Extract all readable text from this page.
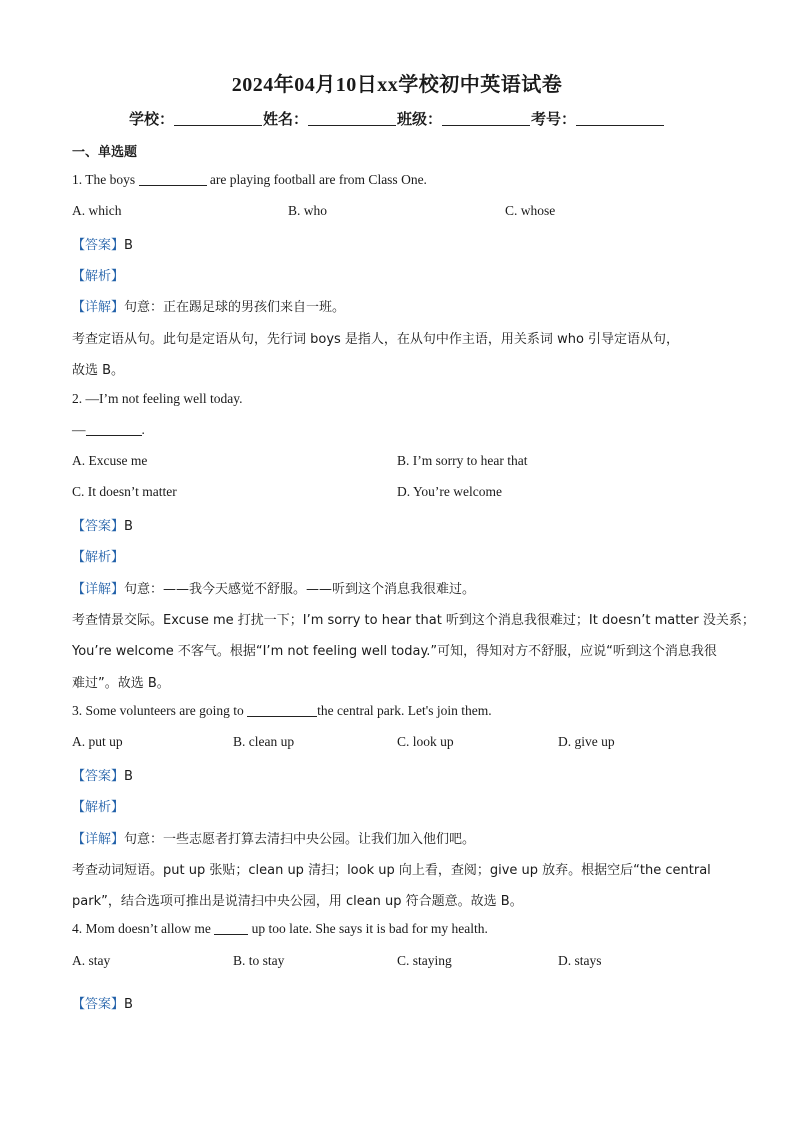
2024年04月10日xx学校初中英语试卷
学校：	姓名：	班级：	考号：
一、单选题
1. The boys	are playing football are from Class One.
A. which	B. who	C. whose
【答案】B
【解析】
【详解】句意：正在踢足球的男孩们来自一班。
考查定语从句。此句是定语从句，先行词 boys 是指人，在从句中作主语，用关系词 who 引导定语从句，
故选 B。
2. —I’m not feeling well today.
—	.
A. Excuse me	B. I’m sorry to hear that
C. It doesn’t matter	D. You’re welcome
【答案】B
【解析】
【详解】句意：——我今天感觉不舒服。——听到这个消息我很难过。
考查情景交际。Excuse me 打扰一下；I’m sorry to hear that 听到这个消息我很难过；It doesn’t matter 没关系；
You’re welcome 不客气。根据“I’m not feeling well today.”可知，得知对方不舒服，应说“听到这个消息我很
难过”。故选 B。
3. Some volunteers are going to	the central park. Let's join them.
A. put up	B. clean up	C. look up	D. give up
【答案】B
【解析】
【详解】句意：一些志愿者打算去清扫中央公园。让我们加入他们吧。
考查动词短语。put up 张贴；clean up 清扫；look up 向上看，查阅；give up 放弃。根据空后“the central
park”，结合选项可推出是说清扫中央公园，用 clean up 符合题意。故选 B。
4. Mom doesn’t allow me	up too late. She says it is bad for my health.
A. stay	B. to stay	C. staying	D. stays
【答案】B
